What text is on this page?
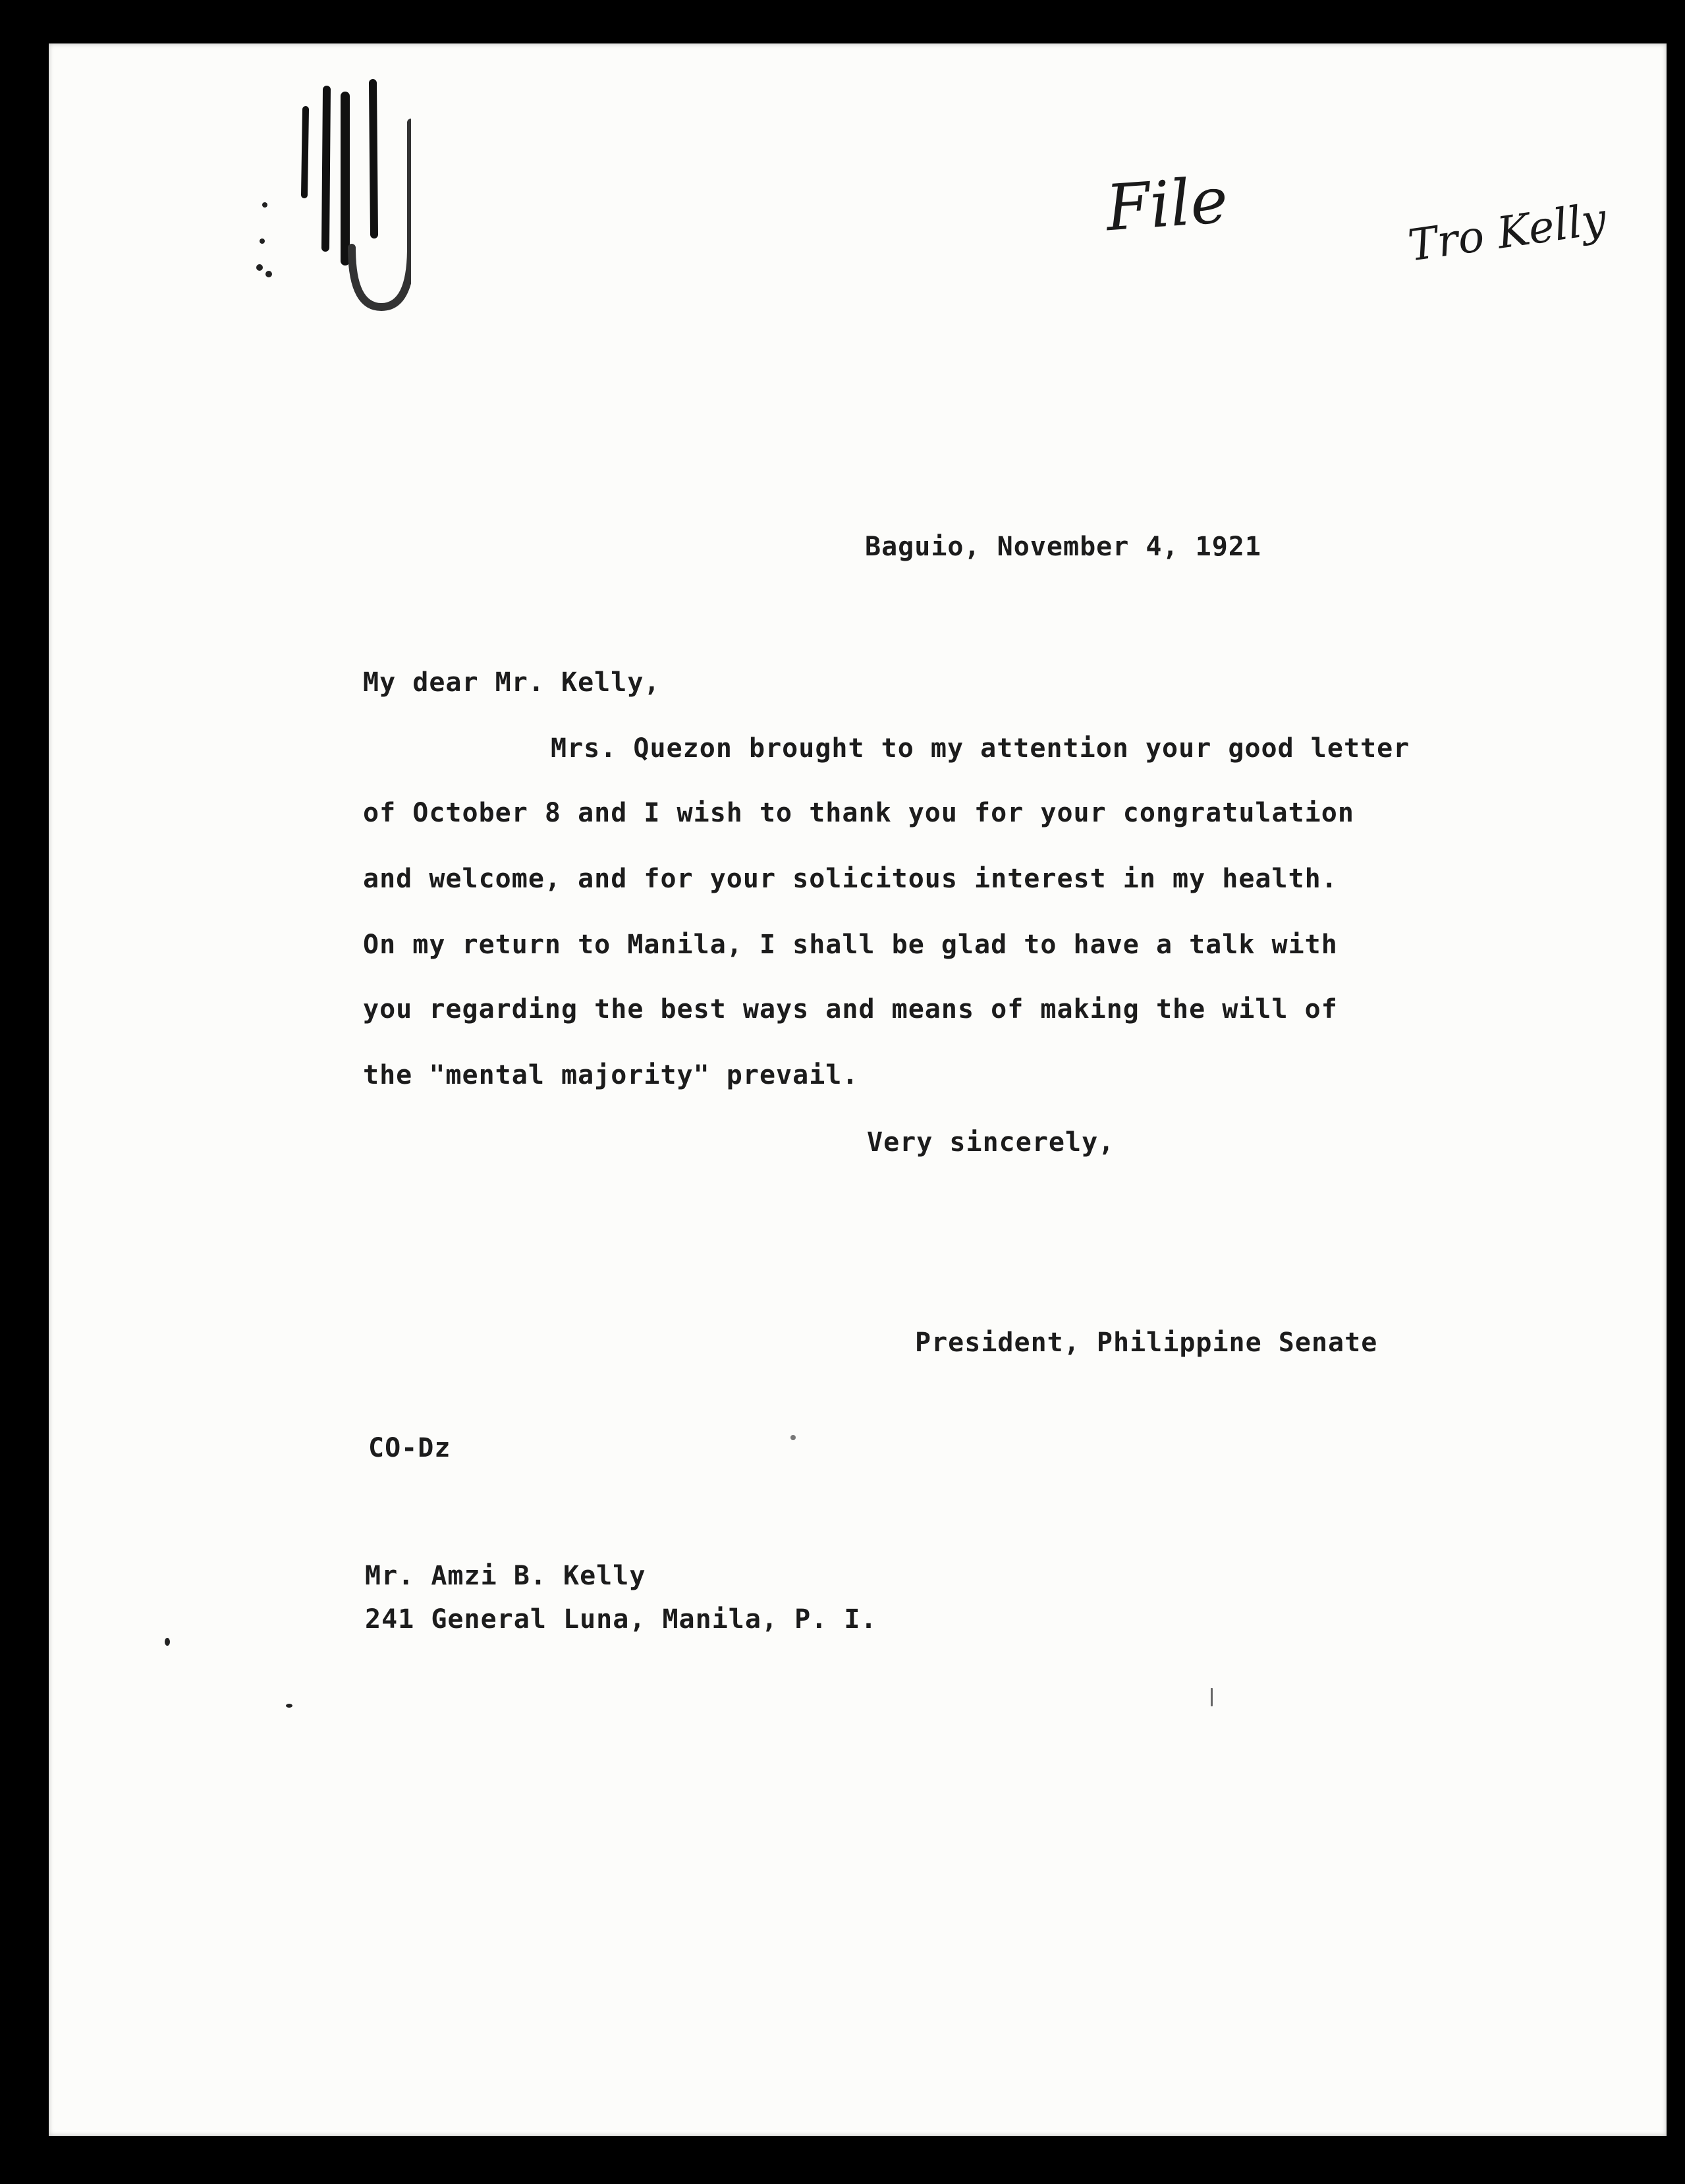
File	Tro Kelly
Baguio, November 4, 1921
My dear Mr. Kelly,
Mrs. Quezon brought to my attention your good letter
of October 8 and I wish to thank you for your congratulation
and welcome, and for your solicitous interest in my health.
On my return to Manila, I shall be glad to have a talk with
you regarding the best ways and means of making the will of
the "mental majority" prevail.
Very sincerely,
President, Philippine Senate
CO-Dz
Mr. Amzi B. Kelly
241 General Luna, Manila, P. I.
